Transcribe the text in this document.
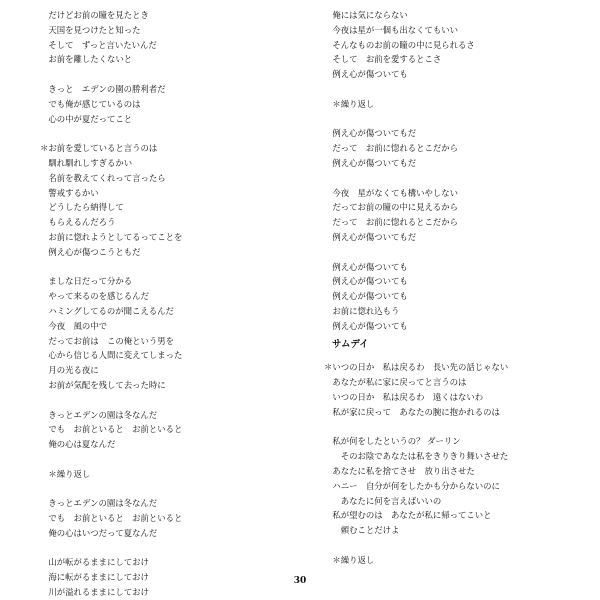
　だけどお前の瞳を見たとき
　天国を見つけたと知った
　そして　ずっと言いたいんだ
　お前を離したくないと
　きっと　エデンの園の勝利者だ
　でも俺が感じているのは
　心の中が夏だってこと
＊お前を愛していると言うのは
　馴れ馴れしすぎるかい
　名前を教えてくれって言ったら
　警戒するかい
　どうしたら納得して
　もらえるんだろう
　お前に惚れようとしてるってことを
　例え心が傷つこうともだ
　ましな日だって分かる
　やって来るのを感じるんだ
　ハミングしてるのが聞こえるんだ
　今夜　風の中で
　だってお前は　この俺という男を
　心から信じる人間に変えてしまった
　月の光る夜に
　お前が気配を残して去った時に
　きっとエデンの園は冬なんだ
　でも　お前といると　お前といると
　俺の心は夏なんだ
　＊繰り返し
　きっとエデンの園は冬なんだ
　でも　お前といると　お前といると
　俺の心はいつだって夏なんだ
　山が転がるままにしておけ
　海に転がるままにしておけ
　川が溢れるままにしておけ
　俺には気にならない
　今夜は星が一個も出なくてもいい
　そんなものお前の瞳の中に見られるさ
　そして　お前を愛するとこさ
　例え心が傷ついても
　＊繰り返し
　例え心が傷ついてもだ
　だって　お前に惚れるとこだから
　例え心が傷ついてもだ
　今夜　星がなくても構いやしない
　だってお前の瞳の中に見えるから
　だって　お前に惚れるとこだから
　例え心が傷ついてもだ
　例え心が傷ついても
　例え心が傷ついても
　例え心が傷ついても
　お前に惚れ込もう
　例え心が傷ついても
サムデイ
＊いつの日か　私は戻るわ　長い先の話じゃない
　あなたが私に家に戻ってと言うのは
　いつの日か　私は戻るわ　遠くはないわ
　私が家に戻って　あなたの腕に抱かれるのは
　私が何をしたというの？ ダーリン
　　そのお陰であなたは私をきりきり舞いさせた
　あなたに私を捨てさせ　放り出させた
　ハニー　自分が何をしたかも分からないのに
　　あなたに何を言えばいいの
　私が望むのは　あなたが私に帰ってこいと
　　頼むことだけよ
　＊繰り返し
30
